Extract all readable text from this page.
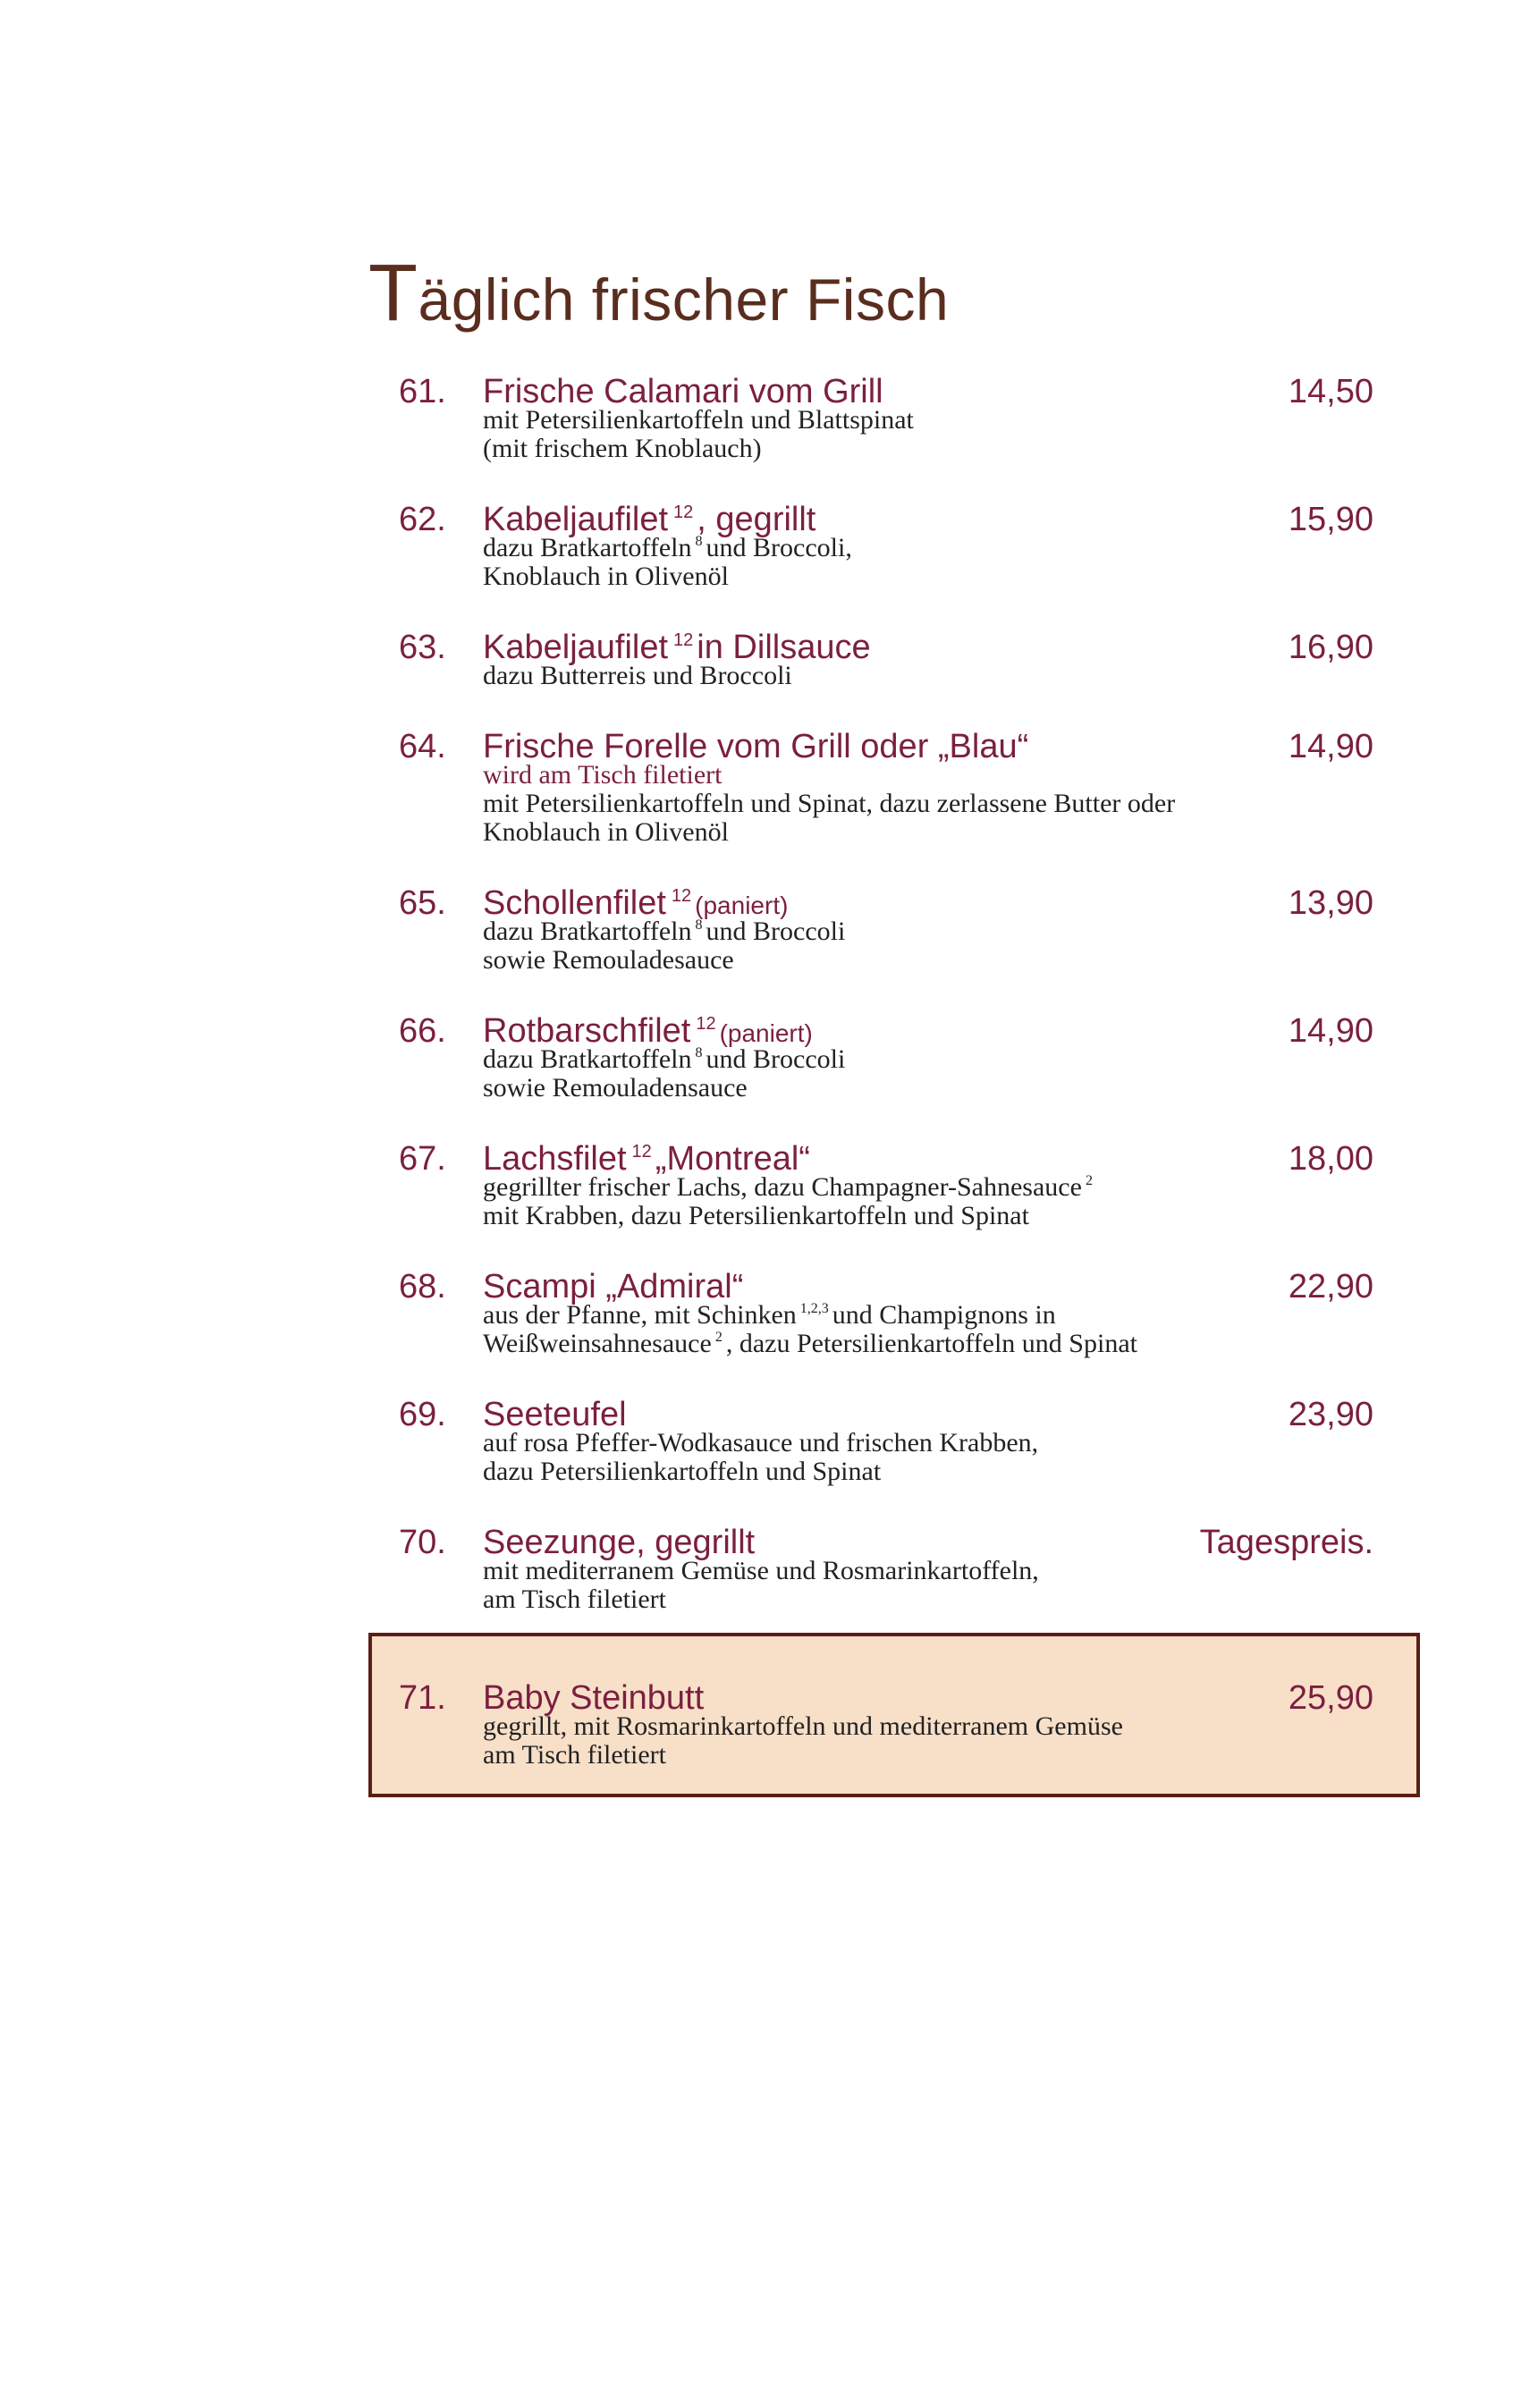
Täglich frischer Fisch
61. Frische Calamari vom Grill	14,50
mit Petersilienkartoffeln und Blattspinat
(mit frischem Knoblauch)
62. Kabeljaufilet $^{12}$ , gegrillt	15,90
dazu Bratkartoffeln $^8$ und Broccoli,
Knoblauch in Olivenöl
63. Kabeljaufilet $^{12}$ in Dillsauce	16,90
dazu Butterreis und Broccoli
64. Frische Forelle vom Grill oder „Blau“	14,90
wird am Tisch filetiert
mit Petersilienkartoffeln und Spinat, dazu zerlassene Butter oder
Knoblauch in Olivenöl
65. Schollenfilet $^{12}$ (paniert)	13,90
dazu Bratkartoffeln $^8$ und Broccoli
sowie Remouladesauce
66. Rotbarschfilet $^{12}$ (paniert)	14,90
dazu Bratkartoffeln $^8$ und Broccoli
sowie Remouladensauce
67. Lachsfilet $^{12}$ „Montreal“	18,00
gegrillter frischer Lachs, dazu Champagner-Sahnesauce $^2$
mit Krabben, dazu Petersilienkartoffeln und Spinat
68. Scampi „Admiral“	22,90
aus der Pfanne, mit Schinken $^{1,2,3}$ und Champignons in
Weißweinsahnesauce $^2$ , dazu Petersilienkartoffeln und Spinat
69. Seeteufel	23,90
auf rosa Pfeffer-Wodkasauce und frischen Krabben,
dazu Petersilienkartoffeln und Spinat
70. Seezunge, gegrillt	Tagespreis.
mit mediterranem Gemüse und Rosmarinkartoffeln,
am Tisch filetiert
71. Baby Steinbutt	25,90
gegrillt, mit Rosmarinkartoffeln und mediterranem Gemüse
am Tisch filetiert
